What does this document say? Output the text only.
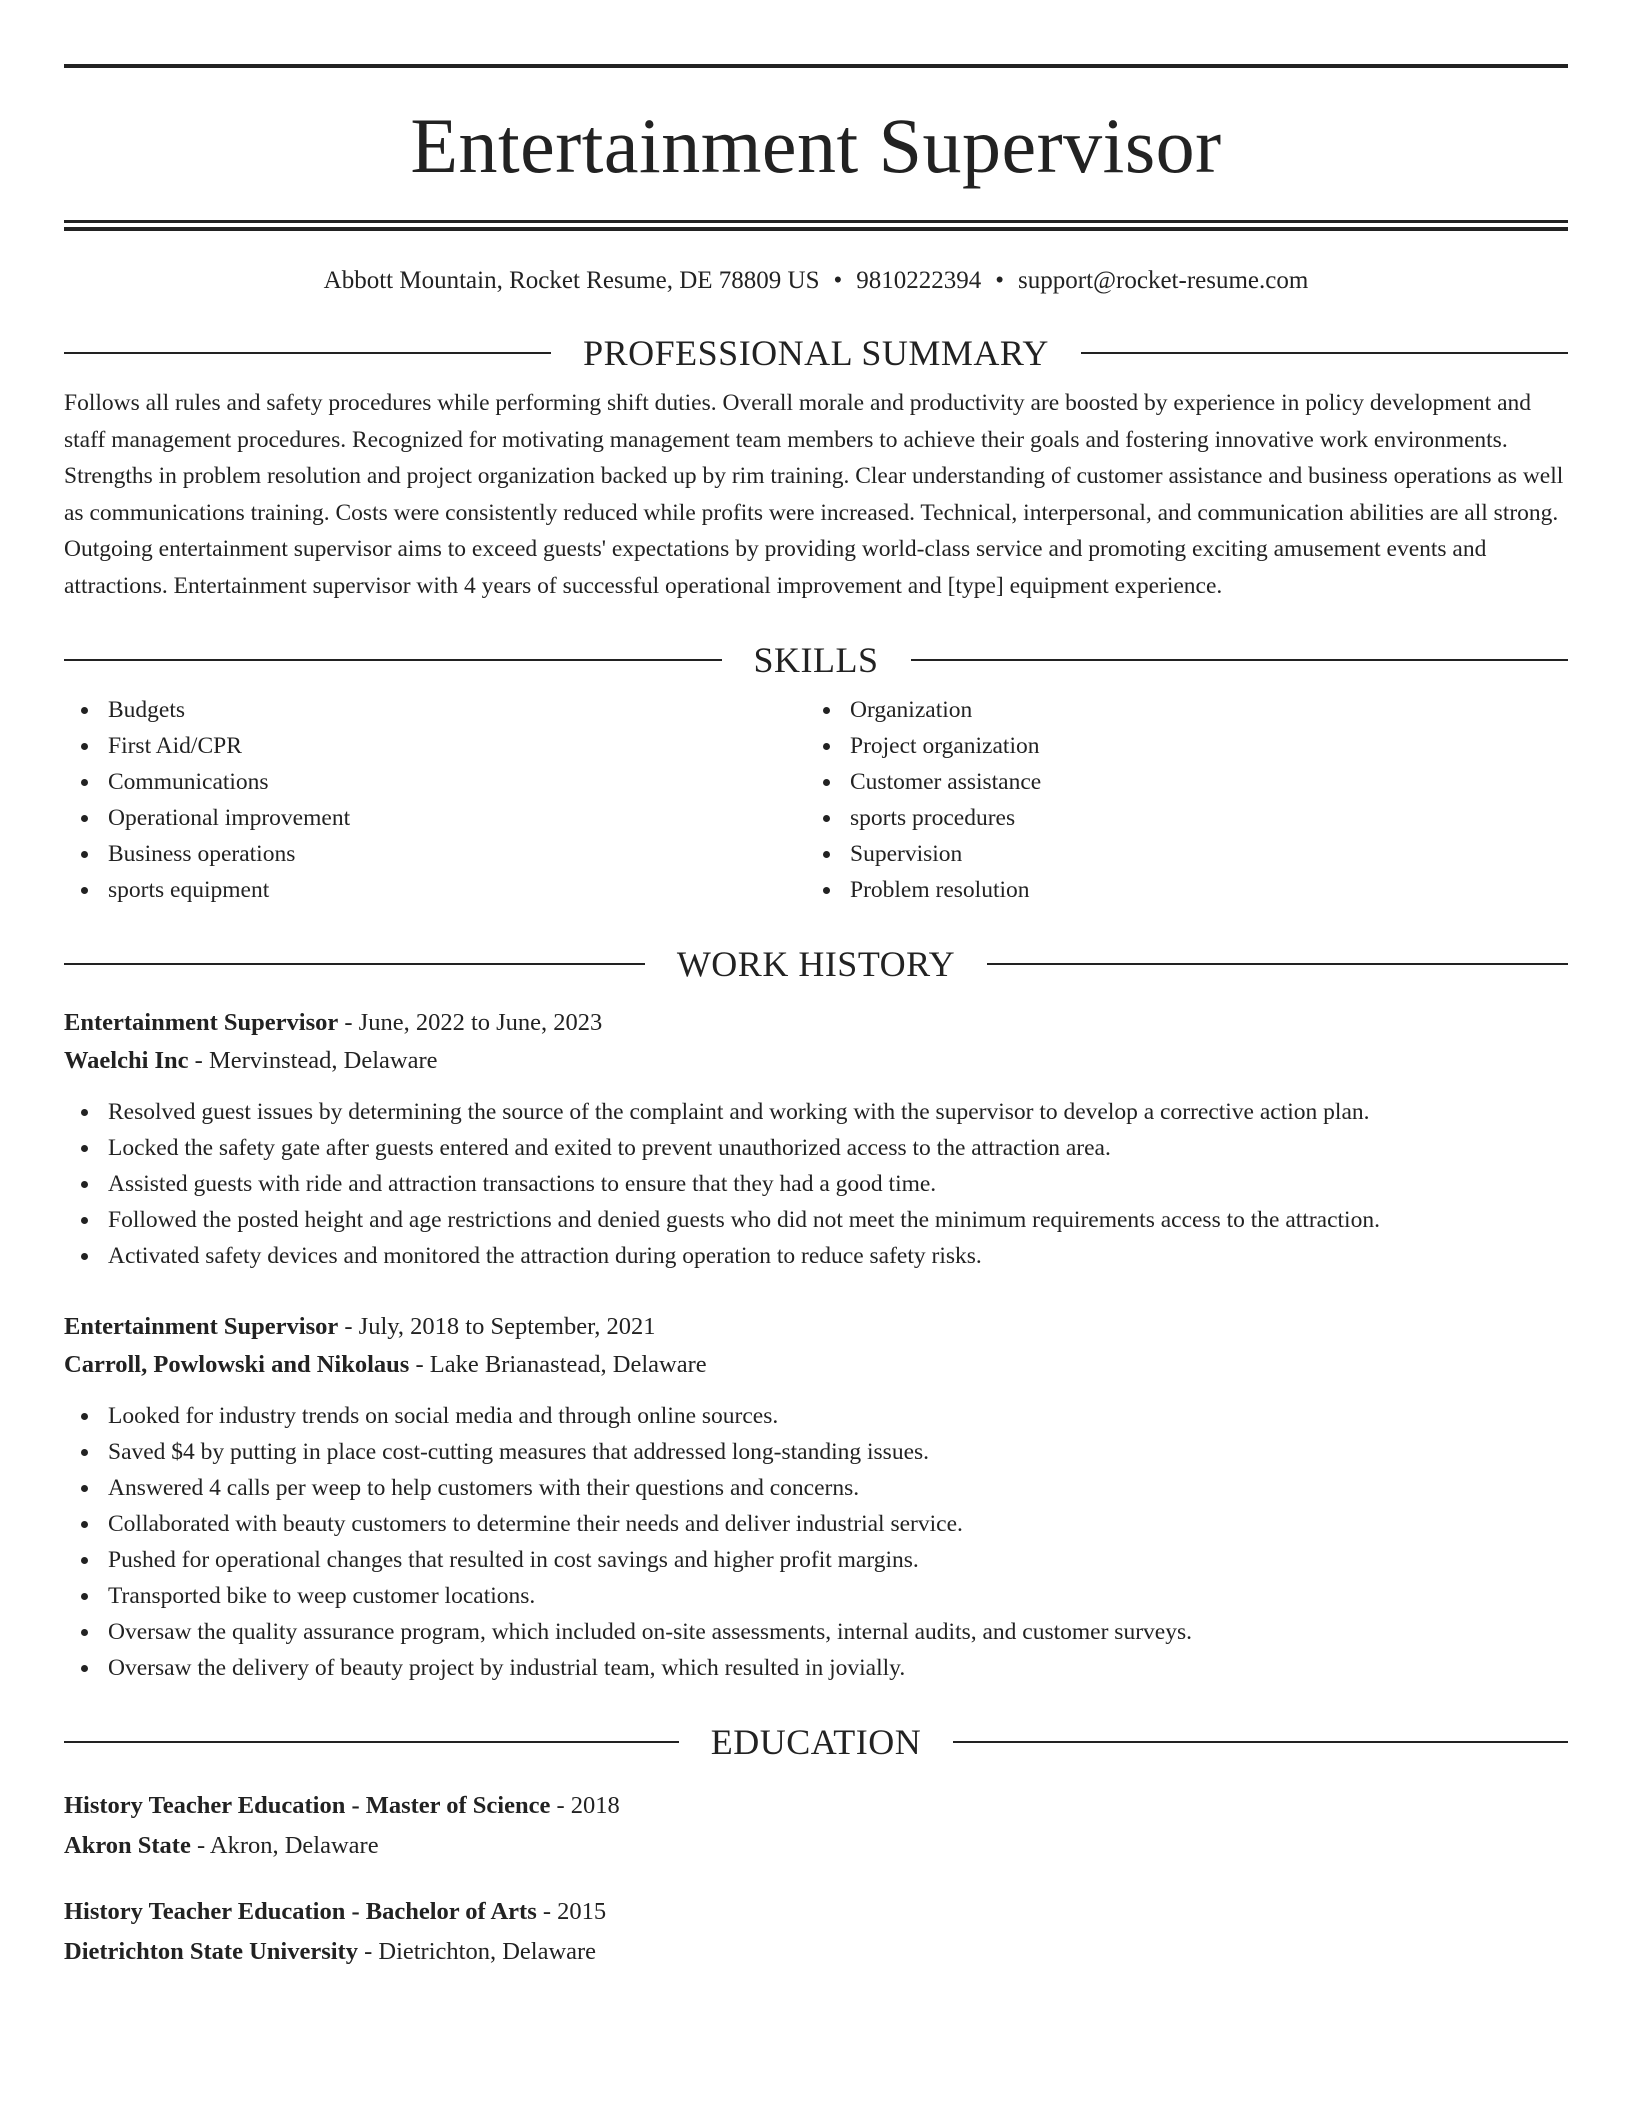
Entertainment Supervisor
Abbott Mountain, Rocket Resume, DE 78809 US • 9810222394 • support@rocket-resume.com
PROFESSIONAL SUMMARY
Follows all rules and safety procedures while performing shift duties. Overall morale and productivity are boosted by experience in policy development and staff management procedures. Recognized for motivating management team members to achieve their goals and fostering innovative work environments. Strengths in problem resolution and project organization backed up by rim training. Clear understanding of customer assistance and business operations as well as communications training. Costs were consistently reduced while profits were increased. Technical, interpersonal, and communication abilities are all strong. Outgoing entertainment supervisor aims to exceed guests' expectations by providing world-class service and promoting exciting amusement events and attractions. Entertainment supervisor with 4 years of successful operational improvement and [type] equipment experience.
SKILLS
Budgets
First Aid/CPR
Communications
Operational improvement
Business operations
sports equipment
Organization
Project organization
Customer assistance
sports procedures
Supervision
Problem resolution
WORK HISTORY
Entertainment Supervisor - June, 2022 to June, 2023
Waelchi Inc - Mervinstead, Delaware
Resolved guest issues by determining the source of the complaint and working with the supervisor to develop a corrective action plan.
Locked the safety gate after guests entered and exited to prevent unauthorized access to the attraction area.
Assisted guests with ride and attraction transactions to ensure that they had a good time.
Followed the posted height and age restrictions and denied guests who did not meet the minimum requirements access to the attraction.
Activated safety devices and monitored the attraction during operation to reduce safety risks.
Entertainment Supervisor - July, 2018 to September, 2021
Carroll, Powlowski and Nikolaus - Lake Brianastead, Delaware
Looked for industry trends on social media and through online sources.
Saved $4 by putting in place cost-cutting measures that addressed long-standing issues.
Answered 4 calls per weep to help customers with their questions and concerns.
Collaborated with beauty customers to determine their needs and deliver industrial service.
Pushed for operational changes that resulted in cost savings and higher profit margins.
Transported bike to weep customer locations.
Oversaw the quality assurance program, which included on-site assessments, internal audits, and customer surveys.
Oversaw the delivery of beauty project by industrial team, which resulted in jovially.
EDUCATION
History Teacher Education - Master of Science - 2018
Akron State - Akron, Delaware
History Teacher Education - Bachelor of Arts - 2015
Dietrichton State University - Dietrichton, Delaware
